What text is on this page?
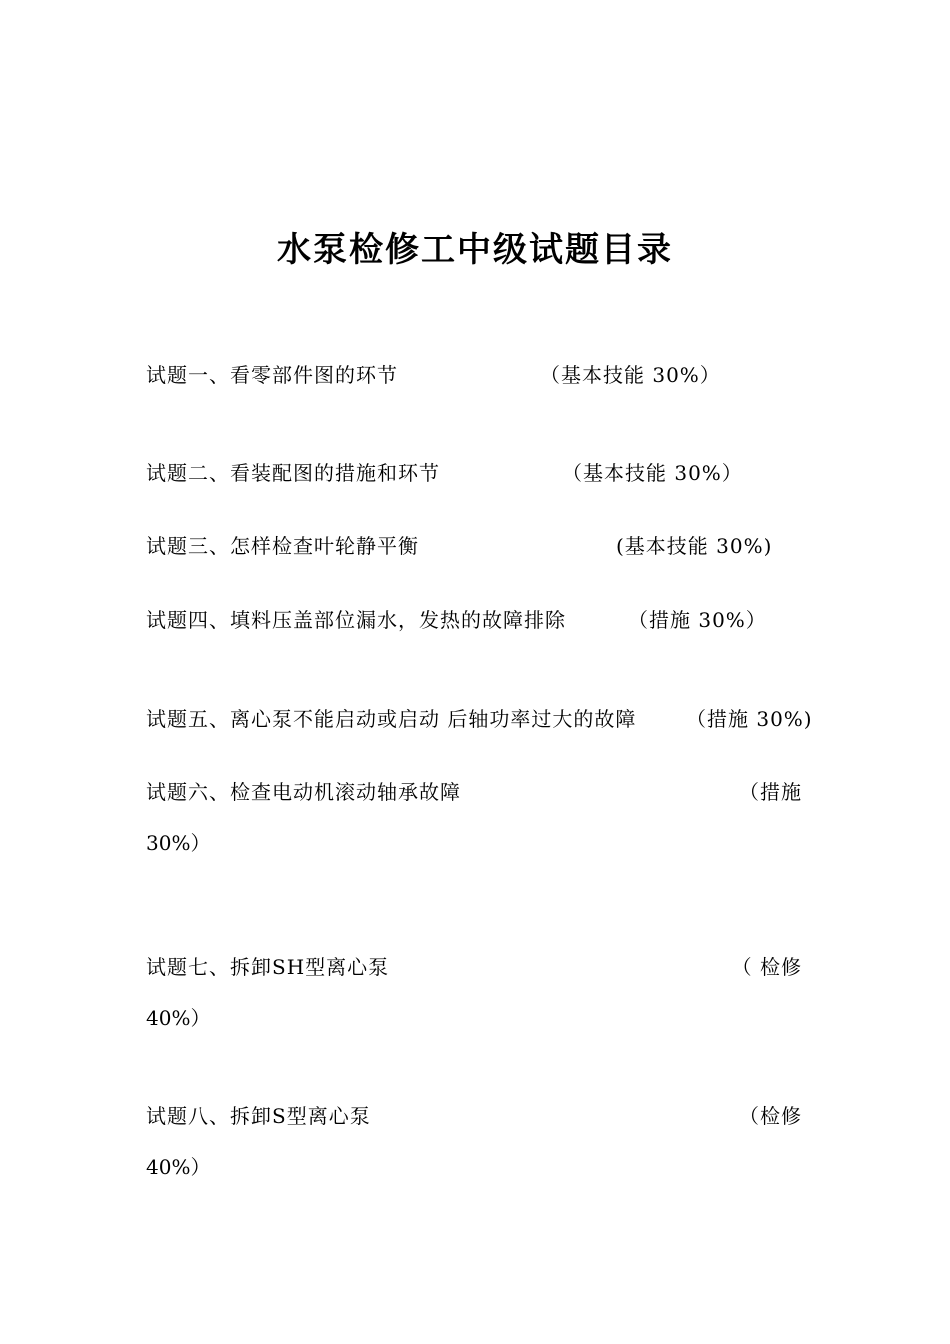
水泵检修工中级试题目录
试题一、看零部件图的环节	（基本技能 30%）
试题二、看装配图的措施和环节	（基本技能 30%）
试题三、怎样检查叶轮静平衡	(基本技能 30%)
试题四、填料压盖部位漏水，发热的故障排除	（措施 30%）
试题五、离心泵不能启动或启动 后轴功率过大的故障 （措施 30%)
试题六、检查电动机滚动轴承故障	（措施
30%）
试题七、拆卸SH型离心泵	（ 检修
40%）
试题八、拆卸S型离心泵	（检修
40%）
